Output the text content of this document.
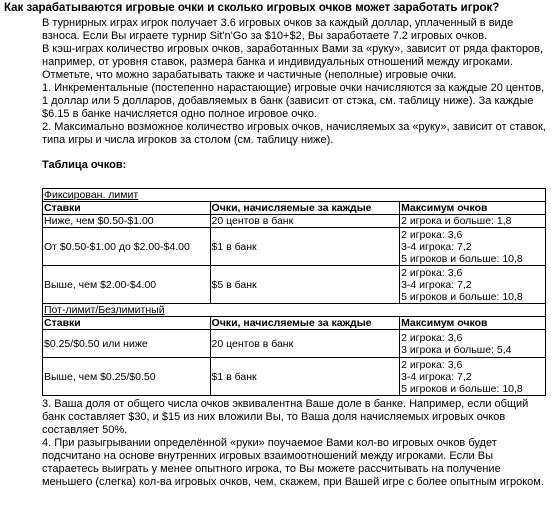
Как зарабатываются игровые очки и сколько игровых очков может заработать игрок?

В турнирных играх игрок получает 3.6 игровых очков за каждый доллар, уплаченный в виде взноса. Если Вы играете турнир Sit'n'Go за $10+$2, Вы заработаете 7.2 игровых очков.

В кэш-играх количество игровых очков, заработанных Вами за «руку», зависит от ряда факторов, например, от уровня ставок, размера банка и индивидуальных отношений между игроками. Отметьте, что можно зарабатывать также и частичные (неполные) игровые очки.

1. Инкрементальные (постепенно нарастающие) игровые очки начисляются за каждые 20 центов, 1 доллар или 5 долларов, добавляемых в банк (зависит от стэка, см. таблицу ниже). За каждые $6.15 в банке начисляется одно полное игровое очко.

2. Максимально возможное количество игровых очков, начисляемых за «руку», зависит от ставок, типа игры и числа игроков за столом (см. таблицу ниже).

Таблица очков:

Фиксирован. лимит		
Ставки	Очки, начисляемые за каждые	Максимум очков
Ниже, чем $0.50-$1.00	20 центов в банк	2 игрока и больше: 1,8

От $0.50-$1.00 до $2.00-$4.00	$1 в банк	2 игрока: 3,6
3-4 игрока: 7,2
5 игроков и больше: 10,8

Выше, чем $2.00-$4.00	$5 в банк	2 игрока: 3,6
3-4 игрока: 7,2
5 игроков и больше: 10,8

Пот-лимит/Безлимитный		
Ставки	Очки, начисляемые за каждые	Максимум очков
$0.25/$0.50 или ниже	20 центов в банк	2 игрока: 3,6
3 игрока и больше: 5,4

Выше, чем $0.25/$0.50	$1 в банк	2 игрока: 3,6
3-4 игрока: 7,2
5 игроков и больше: 10,8

3. Ваша доля от общего числа очков эквивалентна Ваше доле в банке. Например, если общий банк составляет $30, и $15 из них вложили Вы, то Ваша доля начисляемых игровых очков составляет 50%.

4. При разыгрывании определённой «руки» поучаемое Вами кол-во игровых очков будет подсчитано на основе внутренних игровых взаимоотношений между игроками. Если Вы стараетесь выиграть у менее опытного игрока, то Вы можете рассчитывать на получение меньшего (слегка) кол-ва игровых очков, чем, скажем, при Вашей игре с более опытным игроком.
